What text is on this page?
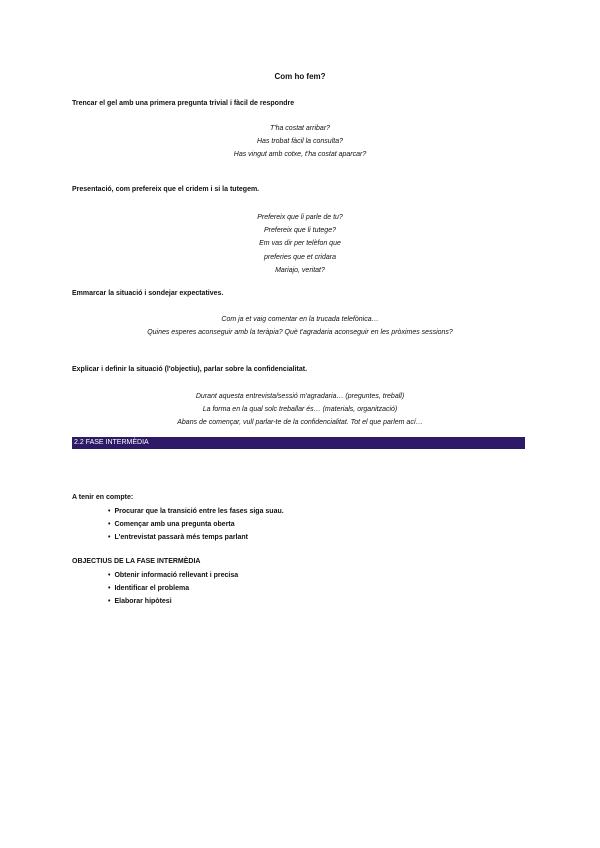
Com ho fem?
Trencar el gel amb una primera pregunta trivial i fàcil de respondre
T'ha costat arribar?
Has trobat fàcil la consulta?
Has vingut amb cotxe, t'ha costat aparcar?
Presentació, com prefereix que el cridem i si la tutegem.
Prefereix que li parle de tu?
Prefereix que li tutege?
Em vas dir per telèfon que
preferies que et cridara
Mariajo, veritat?
Emmarcar la situació i sondejar expectatives.
Com ja et vaig comentar en la trucada telefònica…
Quines esperes aconseguir amb la teràpia? Què t'agradaria aconseguir en les pròximes sessions?
Explicar i definir la situació (l'objectiu), parlar sobre la confidencialitat.
Durant aquesta entrevista/sessió m'agradaria… (preguntes, treball)
La forma en la qual solc treballar és… (materials, organització)
Abans de començar, vull parlar-te de la confidencialitat. Tot el que parlem ací…
2.2 FASE INTERMÈDIA
A tenir en compte:
• Procurar que la transició entre les fases siga suau.
• Començar amb una pregunta oberta
• L'entrevistat passarà més temps parlant
OBJECTIUS DE LA FASE INTERMÈDIA
• Obtenir informació rellevant i precisa
• Identificar el problema
• Elaborar hipòtesi
